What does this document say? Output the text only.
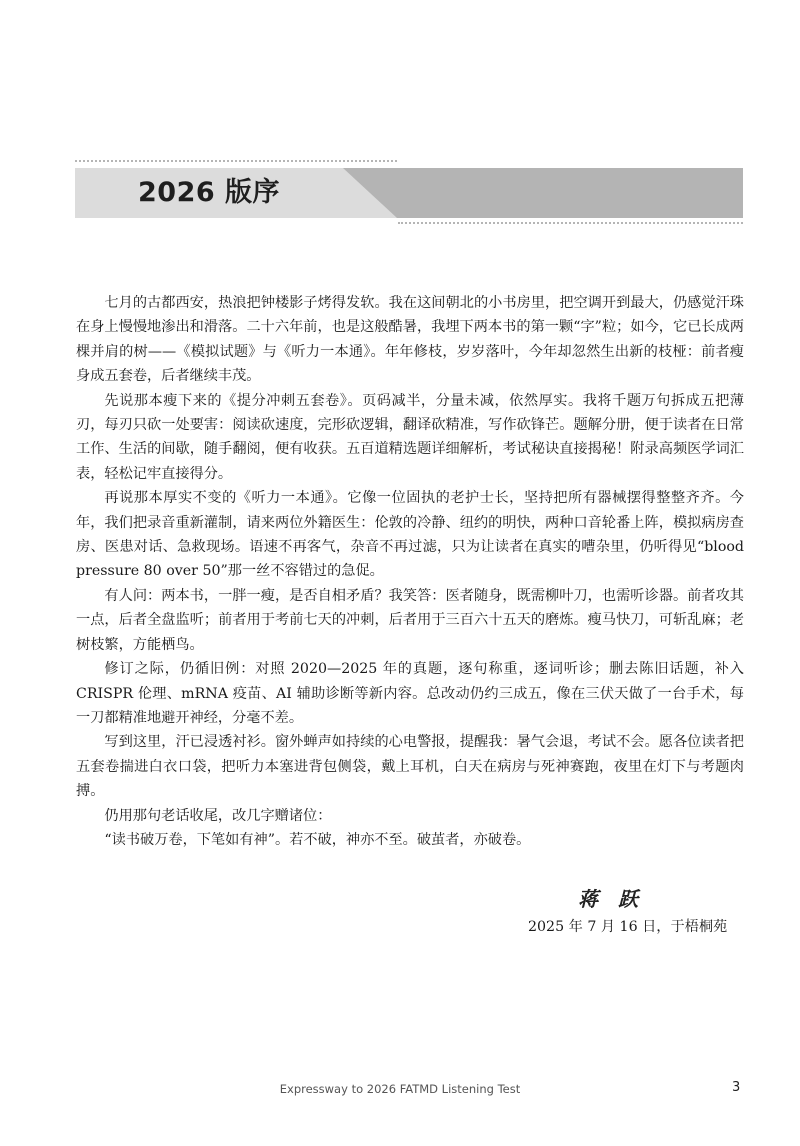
2026 版序

七月的古都西安，热浪把钟楼影子烤得发软。我在这间朝北的小书房里，把空调开到最大，仍感觉汗珠在身上慢慢地渗出和滑落。二十六年前，也是这般酷暑，我埋下两本书的第一颗“字”粒；如今，它已长成两棵并肩的树——《模拟试题》与《听力一本通》。年年修枝，岁岁落叶，今年却忽然生出新的枝桠：前者瘦身成五套卷，后者继续丰茂。

先说那本瘦下来的《提分冲刺五套卷》。页码减半，分量未减，依然厚实。我将千题万句拆成五把薄刃，每刃只砍一处要害：阅读砍速度，完形砍逻辑，翻译砍精准，写作砍锋芒。题解分册，便于读者在日常工作、生活的间歇，随手翻阅，便有收获。五百道精选题详细解析，考试秘诀直接揭秘！附录高频医学词汇表，轻松记牢直接得分。

再说那本厚实不变的《听力一本通》。它像一位固执的老护士长，坚持把所有器械摆得整整齐齐。今年，我们把录音重新灌制，请来两位外籍医生：伦敦的冷静、纽约的明快，两种口音轮番上阵，模拟病房查房、医患对话、急救现场。语速不再客气，杂音不再过滤，只为让读者在真实的嘈杂里，仍听得见“blood pressure 80 over 50”那一丝不容错过的急促。

有人问：两本书，一胖一瘦，是否自相矛盾？我笑答：医者随身，既需柳叶刀，也需听诊器。前者攻其一点，后者全盘监听；前者用于考前七天的冲刺，后者用于三百六十五天的磨炼。瘦马快刀，可斩乱麻；老树枝繁，方能栖鸟。

修订之际，仍循旧例：对照 2020—2025 年的真题，逐句称重，逐词听诊；删去陈旧话题，补入 CRISPR 伦理、mRNA 疫苗、AI 辅助诊断等新内容。总改动仍约三成五，像在三伏天做了一台手术，每一刀都精准地避开神经，分毫不差。

写到这里，汗已浸透衬衫。窗外蝉声如持续的心电警报，提醒我：暑气会退，考试不会。愿各位读者把五套卷揣进白衣口袋，把听力本塞进背包侧袋，戴上耳机，白天在病房与死神赛跑，夜里在灯下与考题肉搏。

仍用那句老话收尾，改几字赠诸位：

“读书破万卷，下笔如有神”。若不破，神亦不至。破茧者，亦破卷。

蒋跃
2025 年 7 月 16 日，于梧桐苑
Expressway to 2026 FATMD Listening Test	3
